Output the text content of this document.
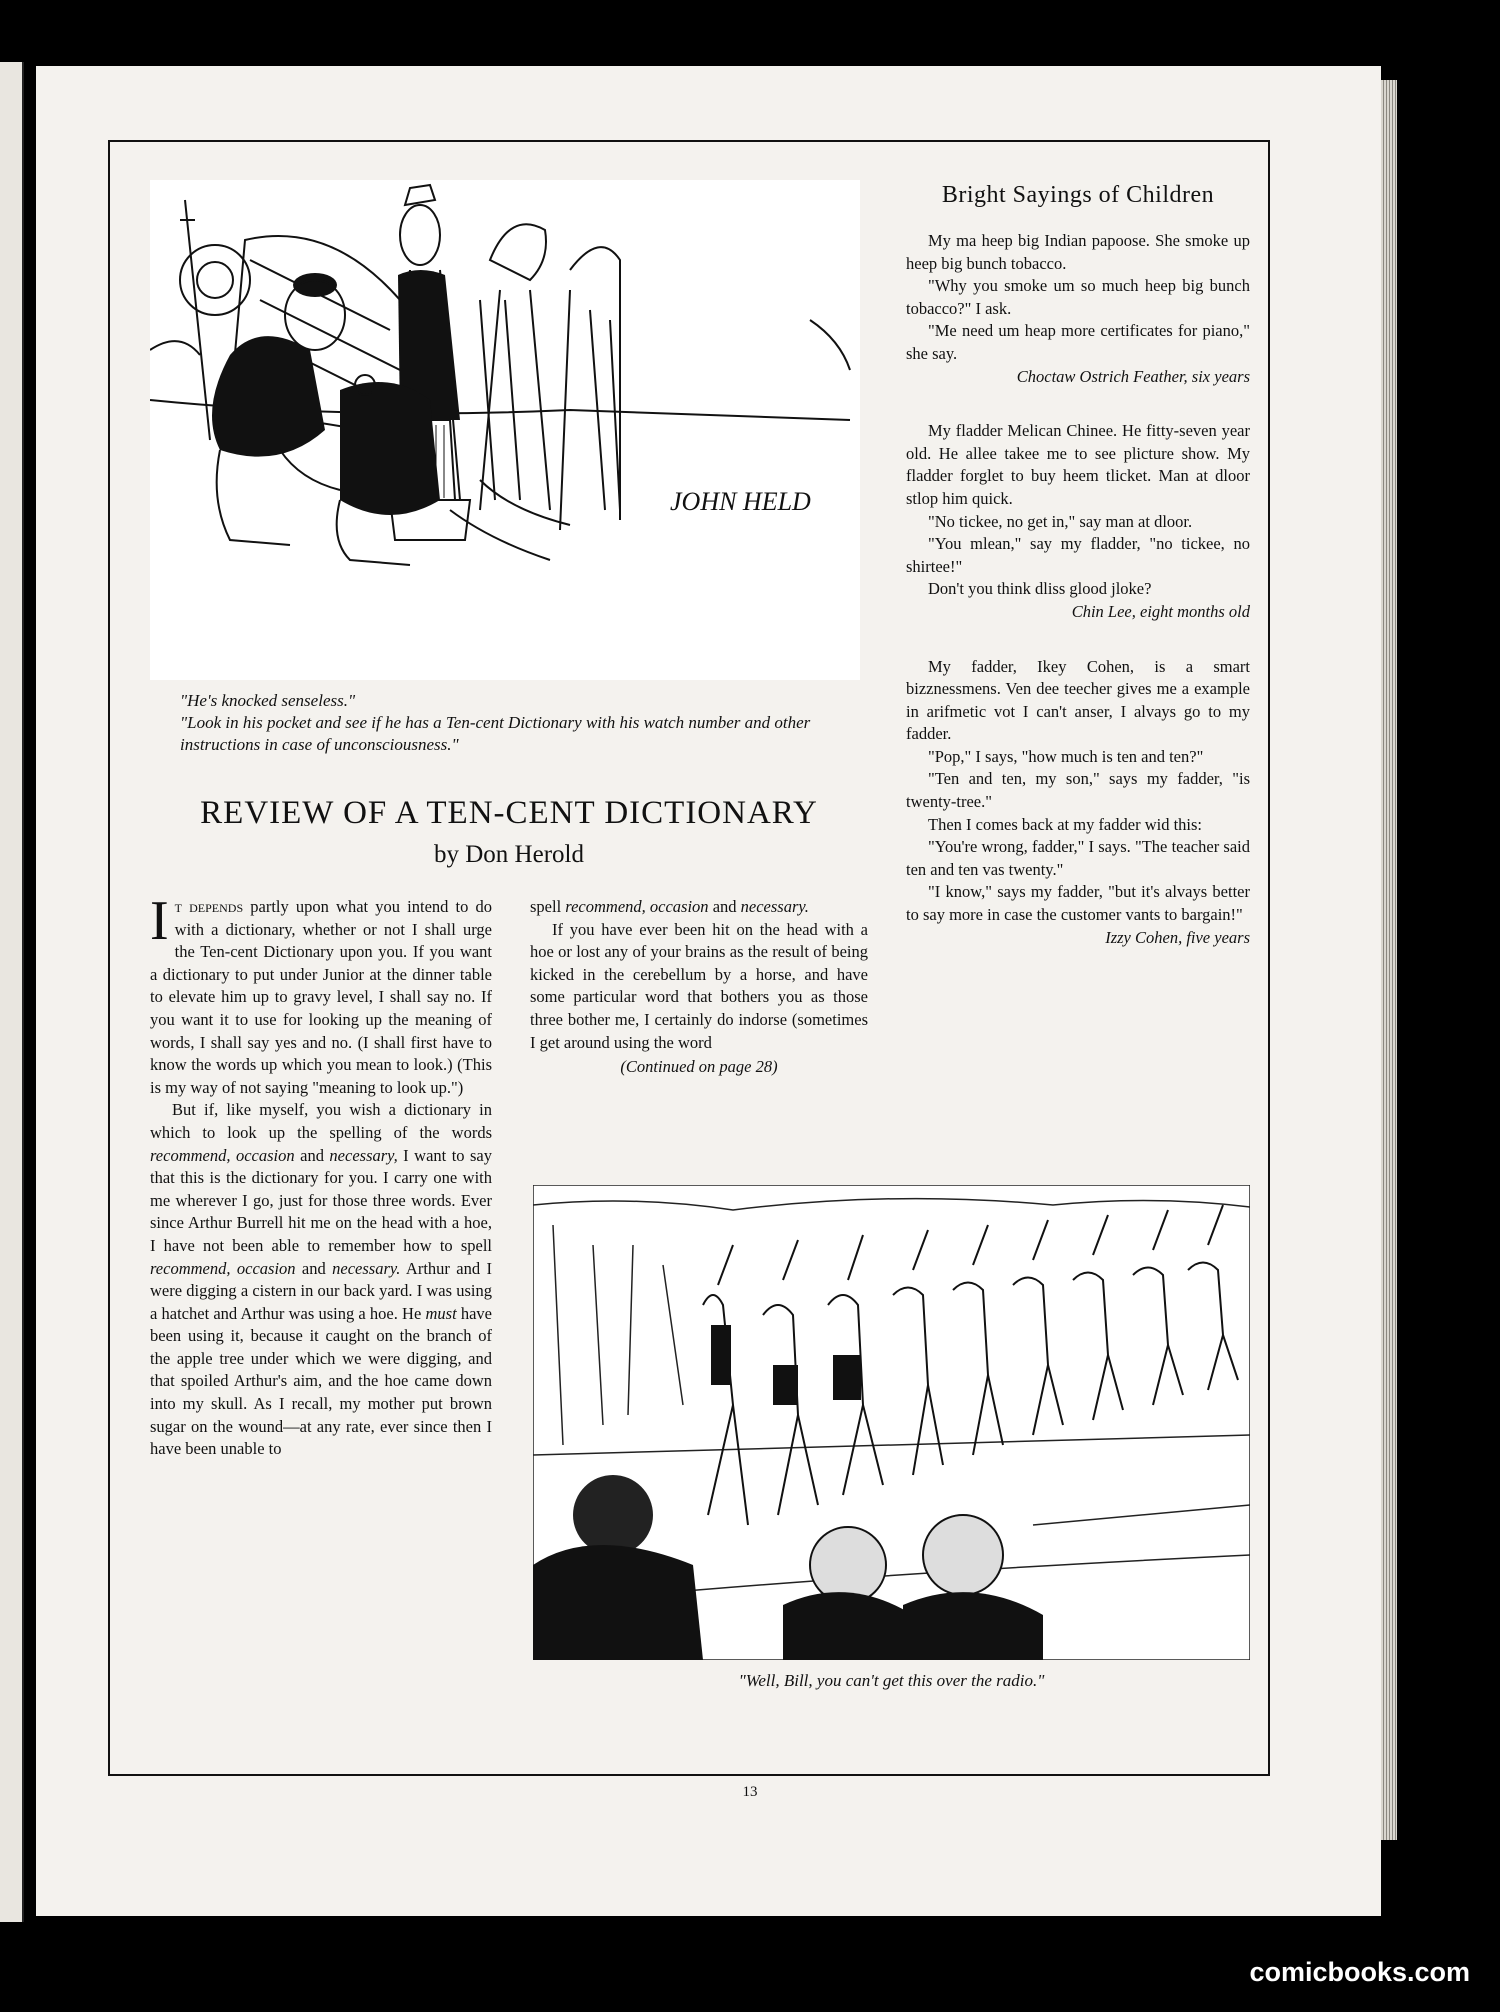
JOHN HELD
"He's knocked senseless."
"Look in his pocket and see if he has a Ten-cent Dictionary with his watch number and other instructions in case of unconsciousness."
REVIEW OF A TEN-CENT DICTIONARY
by Don Herold

It depends partly upon what you intend to do with a dictionary, whether or not I shall urge the Ten-cent Dictionary upon you. If you want a dictionary to put under Junior at the dinner table to elevate him up to gravy level, I shall say no. If you want it to use for looking up the meaning of words, I shall say yes and no. (I shall first have to know the words up which you mean to look.) (This is my way of not saying "meaning to look up.")

But if, like myself, you wish a dictionary in which to look up the spelling of the words recommend, occasion and necessary, I want to say that this is the dictionary for you. I carry one with me wherever I go, just for those three words. Ever since Arthur Burrell hit me on the head with a hoe, I have not been able to remember how to spell recommend, occasion and necessary. Arthur and I were digging a cistern in our back yard. I was using a hatchet and Arthur was using a hoe. He must have been using it, because it caught on the branch of the apple tree under which we were digging, and that spoiled Arthur's aim, and the hoe came down into my skull. As I recall, my mother put brown sugar on the wound—at any rate, ever since then I have been unable to

spell recommend, occasion and necessary.

If you have ever been hit on the head with a hoe or lost any of your brains as the result of being kicked in the cerebellum by a horse, and have some particular word that bothers you as those three bother me, I certainly do indorse (sometimes I get around using the word

(Continued on page 28)
Bright Sayings of Children

My ma heep big Indian papoose. She smoke up heep big bunch tobacco.

"Why you smoke um so much heep big bunch tobacco?" I ask.

"Me need um heap more certificates for piano," she say.

Choctaw Ostrich Feather, six years

My fladder Melican Chinee. He fitty-seven year old. He allee takee me to see plicture show. My fladder forglet to buy heem tlicket. Man at dloor stlop him quick.

"No tickee, no get in," say man at dloor.

"You mlean," say my fladder, "no tickee, no shirtee!"

Don't you think dliss glood jloke?

Chin Lee, eight months old

My fadder, Ikey Cohen, is a smart bizznessmens. Ven dee teecher gives me a example in arifmetic vot I can't anser, I alvays go to my fadder.

"Pop," I says, "how much is ten and ten?"

"Ten and ten, my son," says my fadder, "is twenty-tree."

Then I comes back at my fadder wid this:

"You're wrong, fadder," I says. "The teacher said ten and ten vas twenty."

"I know," says my fadder, "but it's alvays better to say more in case the customer vants to bargain!"

Izzy Cohen, five years

"Well, Bill, you can't get this over the radio."
13
comicbooks.com
